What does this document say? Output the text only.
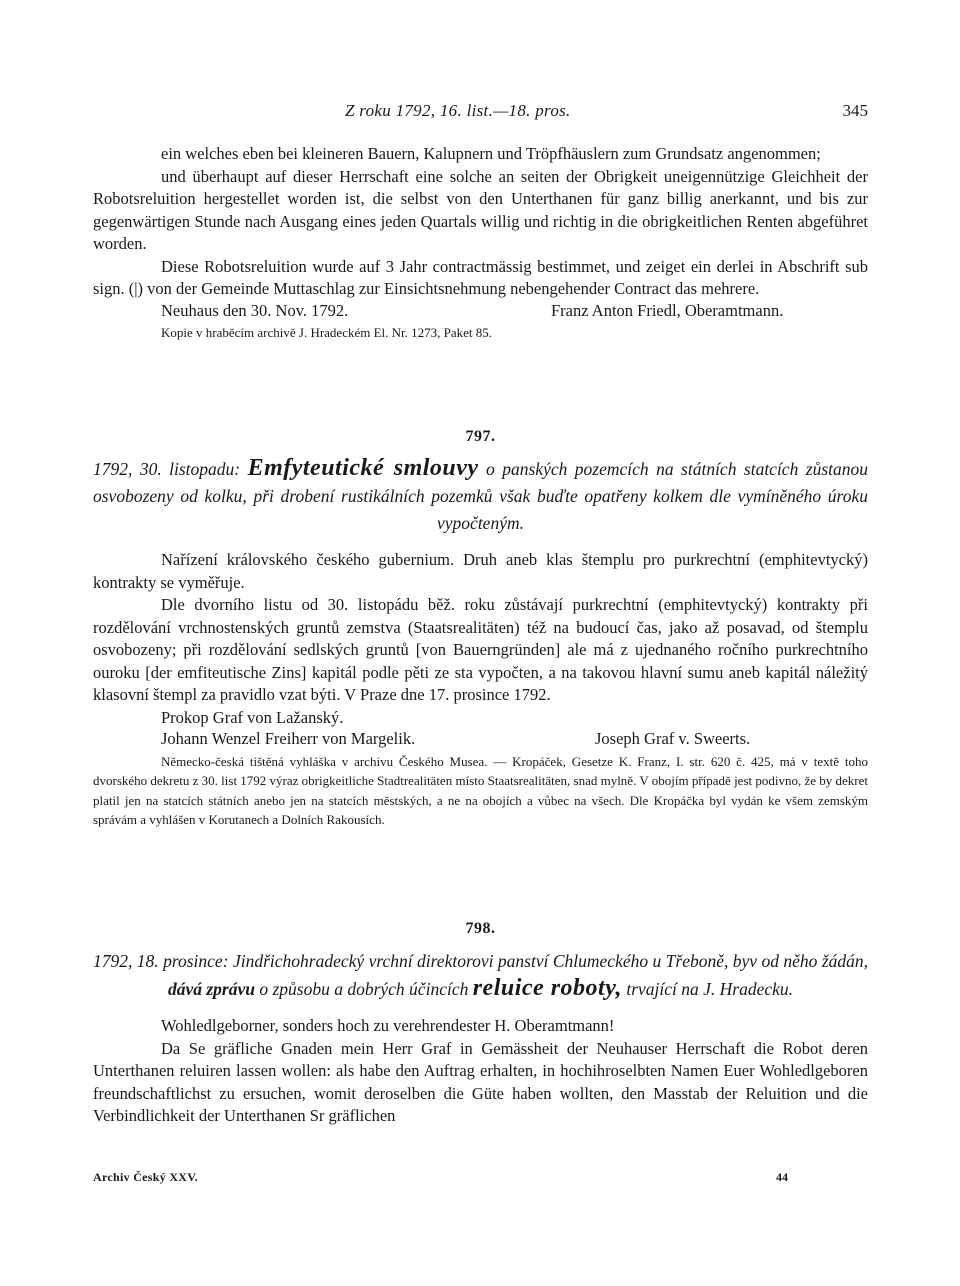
Z roku 1792, 16. list.—18. pros.	345

ein welches eben bei kleineren Bauern, Kalupnern und Tröpfhäuslern zum Grundsatz angenommen;

und überhaupt auf dieser Herrschaft eine solche an seiten der Obrigkeit uneigennützige Gleichheit der Robotsreluition hergestellet worden ist, die selbst von den Unterthanen für ganz billig anerkannt, und bis zur gegenwärtigen Stunde nach Ausgang eines jeden Quartals willig und richtig in die obrigkeitlichen Renten abgeführet worden.

Diese Robotsreluition wurde auf 3 Jahr contractmässig bestimmet, und zeiget ein derlei in Abschrift sub sign. (|) von der Gemeinde Muttaschlag zur Einsichtsnehmung nebengehender Contract das mehrere.

Neuhaus den 30. Nov. 1792.	Franz Anton Friedl, Oberamtmann.

Kopie v hraběcím archivě J. Hradeckém El. Nr. 1273, Paket 85.

797.

1792, 30. listopadu: Emfyteutické smlouvy o panských pozemcích na státních statcích zůstanou osvobozeny od kolku, při drobení rustikálních pozemků však buďte opatřeny kolkem dle vymíněného úroku vypočteným.

Nařízení královského českého gubernium. Druh aneb klas štemplu pro purkrechtní (emphitevtycký) kontrakty se vyměřuje.

Dle dvorního listu od 30. listopádu běž. roku zůstávají purkrechtní (emphitevtycký) kontrakty při rozdělování vrchnostenských gruntů zemstva (Staatsrealitäten) též na budoucí čas, jako až posavad, od štemplu osvobozeny; při rozdělování sedlských gruntů [von Bauerngründen] ale má z ujednaného ročního purkrechtního ouroku [der emfiteutische Zins] kapitál podle pěti ze sta vypočten, a na takovou hlavní sumu aneb kapitál náležitý klasovní štempl za pravidlo vzat býti. V Praze dne 17. prosince 1792.

Prokop Graf von Lažanský.

Johann Wenzel Freiherr von Margelik.	Joseph Graf v. Sweerts.

Německo-česká tištěná vyhláška v archivu Českého Musea. — Kropáček, Gesetze K. Franz, I. str. 620 č. 425, má v textě toho dvorského dekretu z 30. list 1792 výraz obrigkeitliche Stadtrealitäten místo Staatsrealitäten, snad mylně. V obojím případě jest podivno, že by dekret platil jen na statcích státních anebo jen na statcích městských, a ne na obojích a vůbec na všech. Dle Kropáčka byl vydán ke všem zemským správám a vyhlášen v Korutanech a Dolních Rakousích.

798.

1792, 18. prosince: Jindřichohradecký vrchní direktorovi panství Chlumeckého u Třeboně, byv od něho žádán, dává zprávu o způsobu a dobrých účincích reluice roboty, trvající na J. Hradecku.

Wohledlgeborner, sonders hoch zu verehrendester H. Oberamtmann!

Da Se gräfliche Gnaden mein Herr Graf in Gemässheit der Neuhauser Herrschaft die Robot deren Unterthanen reluiren lassen wollen: als habe den Auftrag erhalten, in hochihroselbten Namen Euer Wohledlgeboren freundschaftlichst zu ersuchen, womit deroselben die Güte haben wollten, den Masstab der Reluition und die Verbindlichkeit der Unterthanen Sr gräflichen

Archiv Český XXV.	44
